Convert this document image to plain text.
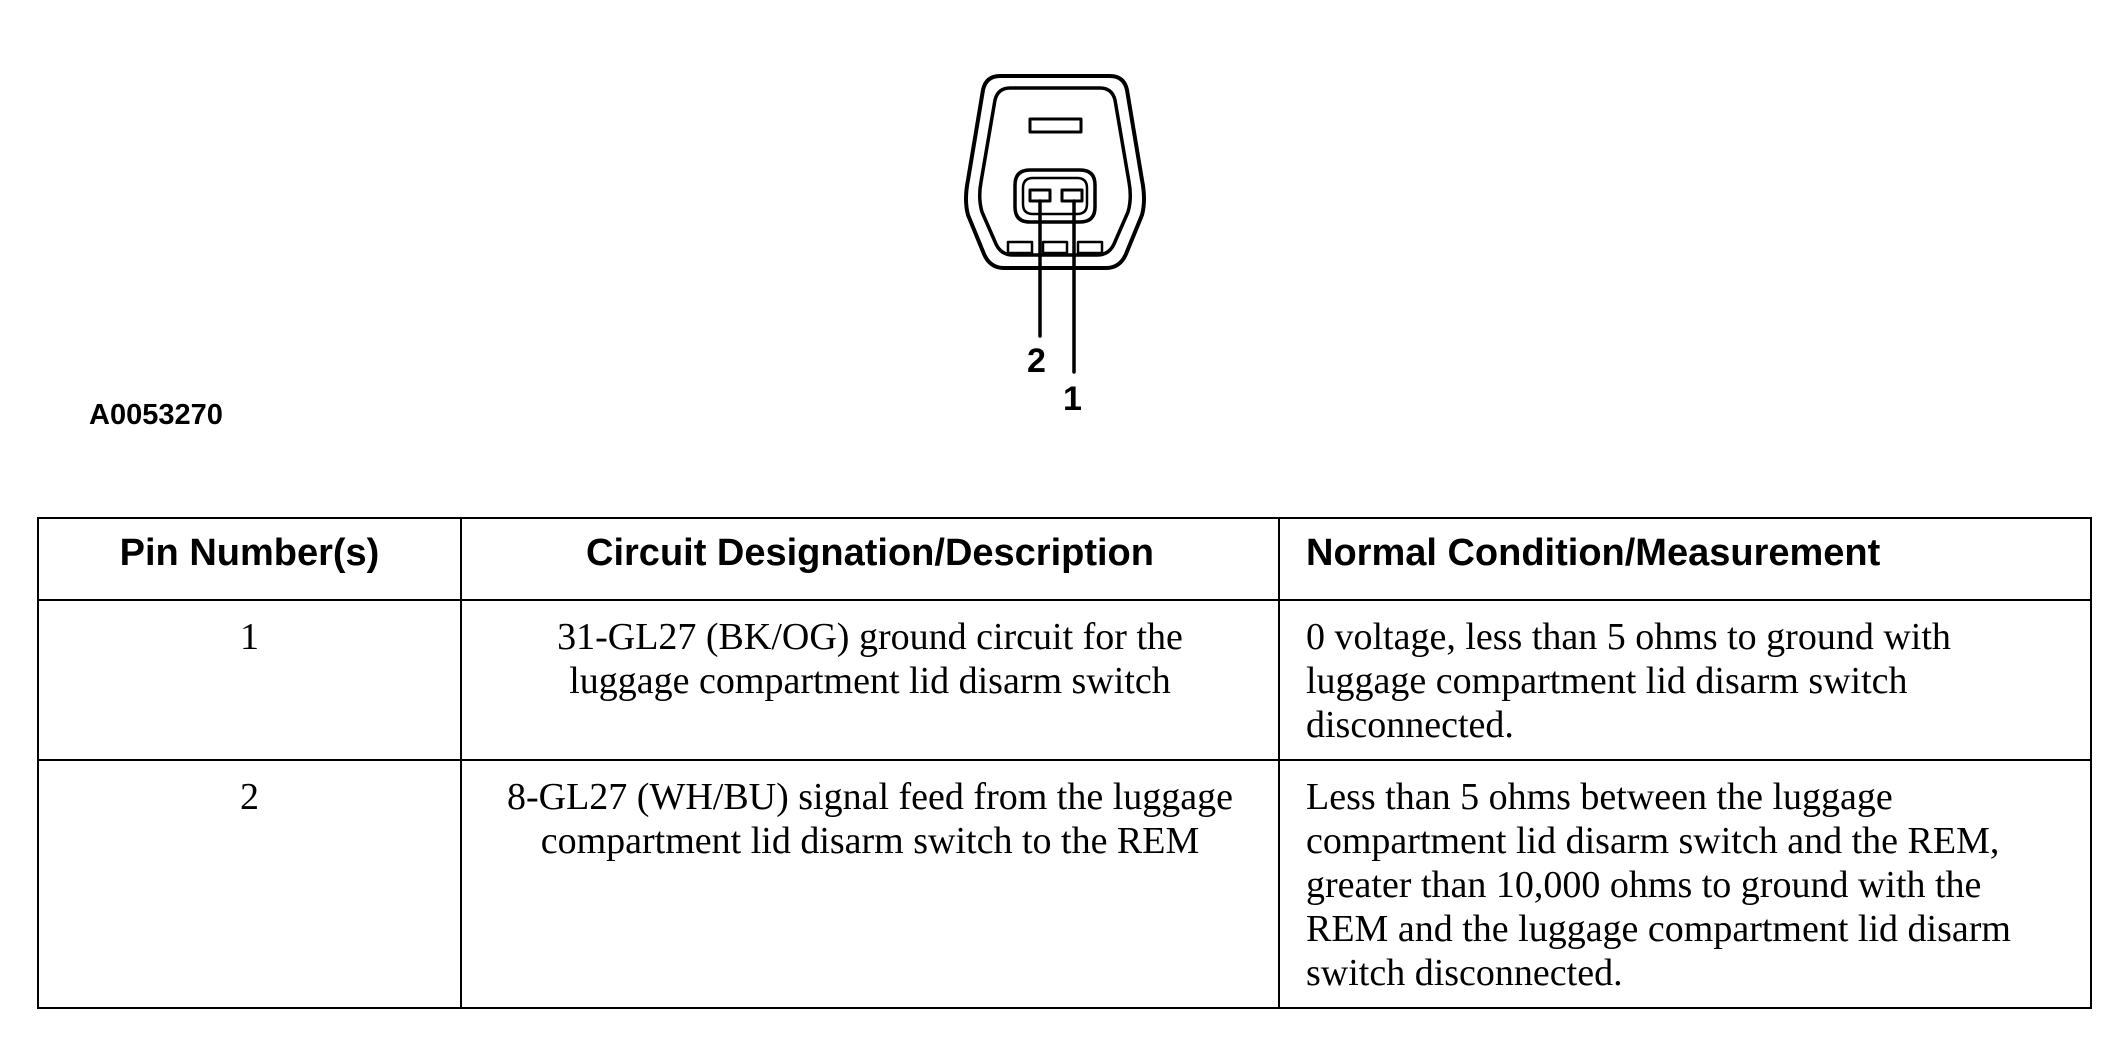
2
1
A0053270
Pin Number(s)	Circuit Designation/Description	Normal Condition/Measurement
1	31-GL27 (BK/OG) ground circuit for the luggage compartment lid disarm switch	0 voltage, less than 5 ohms to ground with luggage compartment lid disarm switch disconnected.
2	8-GL27 (WH/BU) signal feed from the luggage compartment lid disarm switch to the REM	Less than 5 ohms between the luggage compartment lid disarm switch and the REM, greater than 10,000 ohms to ground with the REM and the luggage compartment lid disarm switch disconnected.
